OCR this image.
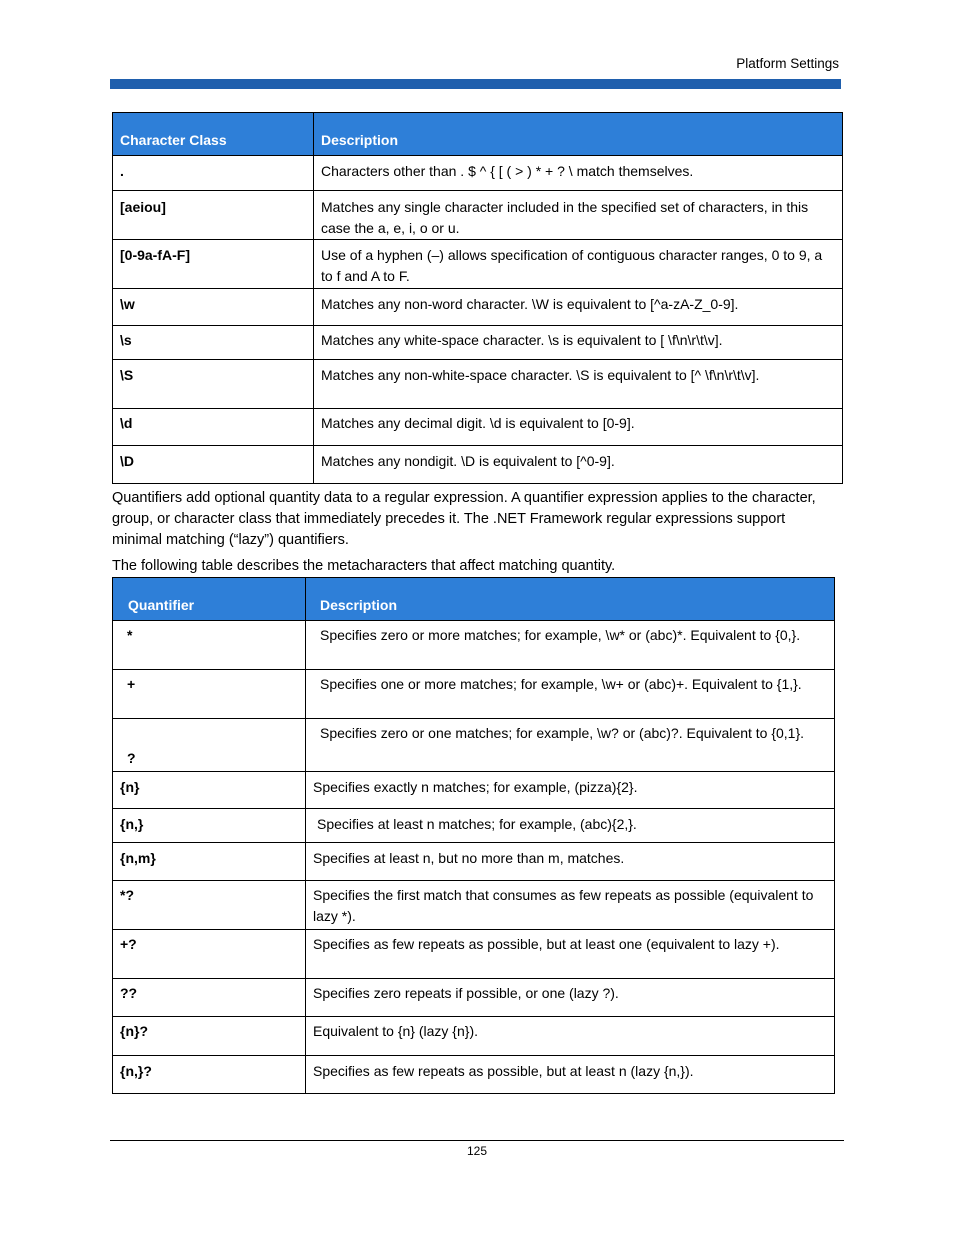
Platform Settings
Character Class	Description
.	Characters other than . $ ^ { [ ( > ) * + ? \ match themselves.
[aeiou]	Matches any single character included in the specified set of characters, in this case the a, e, i, o or u.
[0-9a-fA-F]	Use of a hyphen (–) allows specification of contiguous character ranges, 0 to 9, a to f and A to F.
\w	Matches any non-word character. \W is equivalent to [^a-zA-Z_0-9].
\s	Matches any white-space character. \s is equivalent to [ \f\n\r\t\v].
\S	Matches any non-white-space character. \S is equivalent to [^ \f\n\r\t\v].
\d	Matches any decimal digit. \d is equivalent to [0-9].
\D	Matches any nondigit. \D is equivalent to [^0-9].

Quantifiers add optional quantity data to a regular expression. A quantifier expression applies to the character, group, or character class that immediately precedes it. The .NET Framework regular expressions support minimal matching (“lazy”) quantifiers.

The following table describes the metacharacters that affect matching quantity.

Quantifier	Description
*	Specifies zero or more matches; for example, \w* or (abc)*. Equivalent to {0,}.
+	Specifies one or more matches; for example, \w+ or (abc)+. Equivalent to {1,}.
?	Specifies zero or one matches; for example, \w? or (abc)?. Equivalent to {0,1}.
{n}	Specifies exactly n matches; for example, (pizza){2}.
{n,}	Specifies at least n matches; for example, (abc){2,}.
{n,m}	Specifies at least n, but no more than m, matches.
*?	Specifies the first match that consumes as few repeats as possible (equivalent to lazy *).
+?	Specifies as few repeats as possible, but at least one (equivalent to lazy +).
??	Specifies zero repeats if possible, or one (lazy ?).
{n}?	Equivalent to {n} (lazy {n}).
{n,}?	Specifies as few repeats as possible, but at least n (lazy {n,}).
125
